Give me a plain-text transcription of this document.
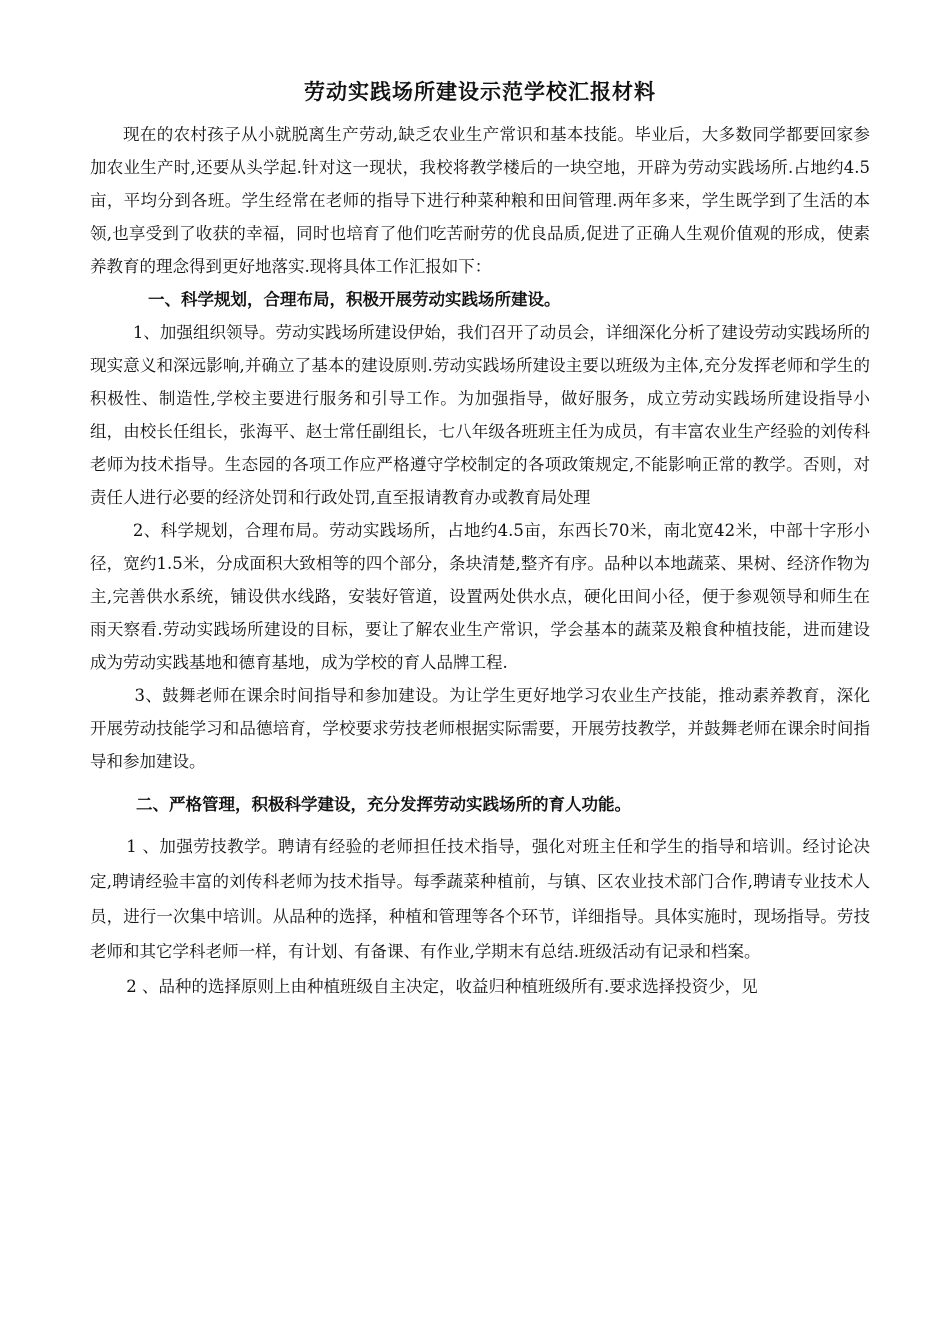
劳动实践场所建设示范学校汇报材料

现在的农村孩子从小就脱离生产劳动,缺乏农业生产常识和基本技能。毕业后，大多数同学都要回家参加农业生产时,还要从头学起.针对这一现状，我校将教学楼后的一块空地，开辟为劳动实践场所.占地约4.5亩，平均分到各班。学生经常在老师的指导下进行种菜种粮和田间管理.两年多来，学生既学到了生活的本领,也享受到了收获的幸福，同时也培育了他们吃苦耐劳的优良品质,促进了正确人生观价值观的形成，使素养教育的理念得到更好地落实.现将具体工作汇报如下：

一、科学规划，合理布局，积极开展劳动实践场所建设。

1、加强组织领导。劳动实践场所建设伊始，我们召开了动员会，详细深化分析了建设劳动实践场所的现实意义和深远影响,并确立了基本的建设原则.劳动实践场所建设主要以班级为主体,充分发挥老师和学生的积极性、制造性,学校主要进行服务和引导工作。为加强指导，做好服务，成立劳动实践场所建设指导小组，由校长任组长，张海平、赵士常任副组长，七八年级各班班主任为成员，有丰富农业生产经验的刘传科老师为技术指导。生态园的各项工作应严格遵守学校制定的各项政策规定,不能影响正常的教学。否则，对责任人进行必要的经济处罚和行政处罚,直至报请教育办或教育局处理

2、科学规划，合理布局。劳动实践场所，占地约4.5亩，东西长70米，南北宽42米，中部十字形小径，宽约1.5米，分成面积大致相等的四个部分，条块清楚,整齐有序。品种以本地蔬菜、果树、经济作物为主,完善供水系统，铺设供水线路，安装好管道，设置两处供水点，硬化田间小径，便于参观领导和师生在雨天察看.劳动实践场所建设的目标，要让了解农业生产常识，学会基本的蔬菜及粮食种植技能，进而建设成为劳动实践基地和德育基地，成为学校的育人品牌工程.

3、鼓舞老师在课余时间指导和参加建设。为让学生更好地学习农业生产技能，推动素养教育，深化开展劳动技能学习和品德培育，学校要求劳技老师根据实际需要，开展劳技教学，并鼓舞老师在课余时间指导和参加建设。

二、严格管理，积极科学建设，充分发挥劳动实践场所的育人功能。

1 、加强劳技教学。聘请有经验的老师担任技术指导，强化对班主任和学生的指导和培训。经讨论决定,聘请经验丰富的刘传科老师为技术指导。每季蔬菜种植前，与镇、区农业技术部门合作,聘请专业技术人员，进行一次集中培训。从品种的选择，种植和管理等各个环节，详细指导。具体实施时，现场指导。劳技老师和其它学科老师一样，有计划、有备课、有作业,学期末有总结.班级活动有记录和档案。

2 、品种的选择原则上由种植班级自主决定，收益归种植班级所有.要求选择投资少，见
